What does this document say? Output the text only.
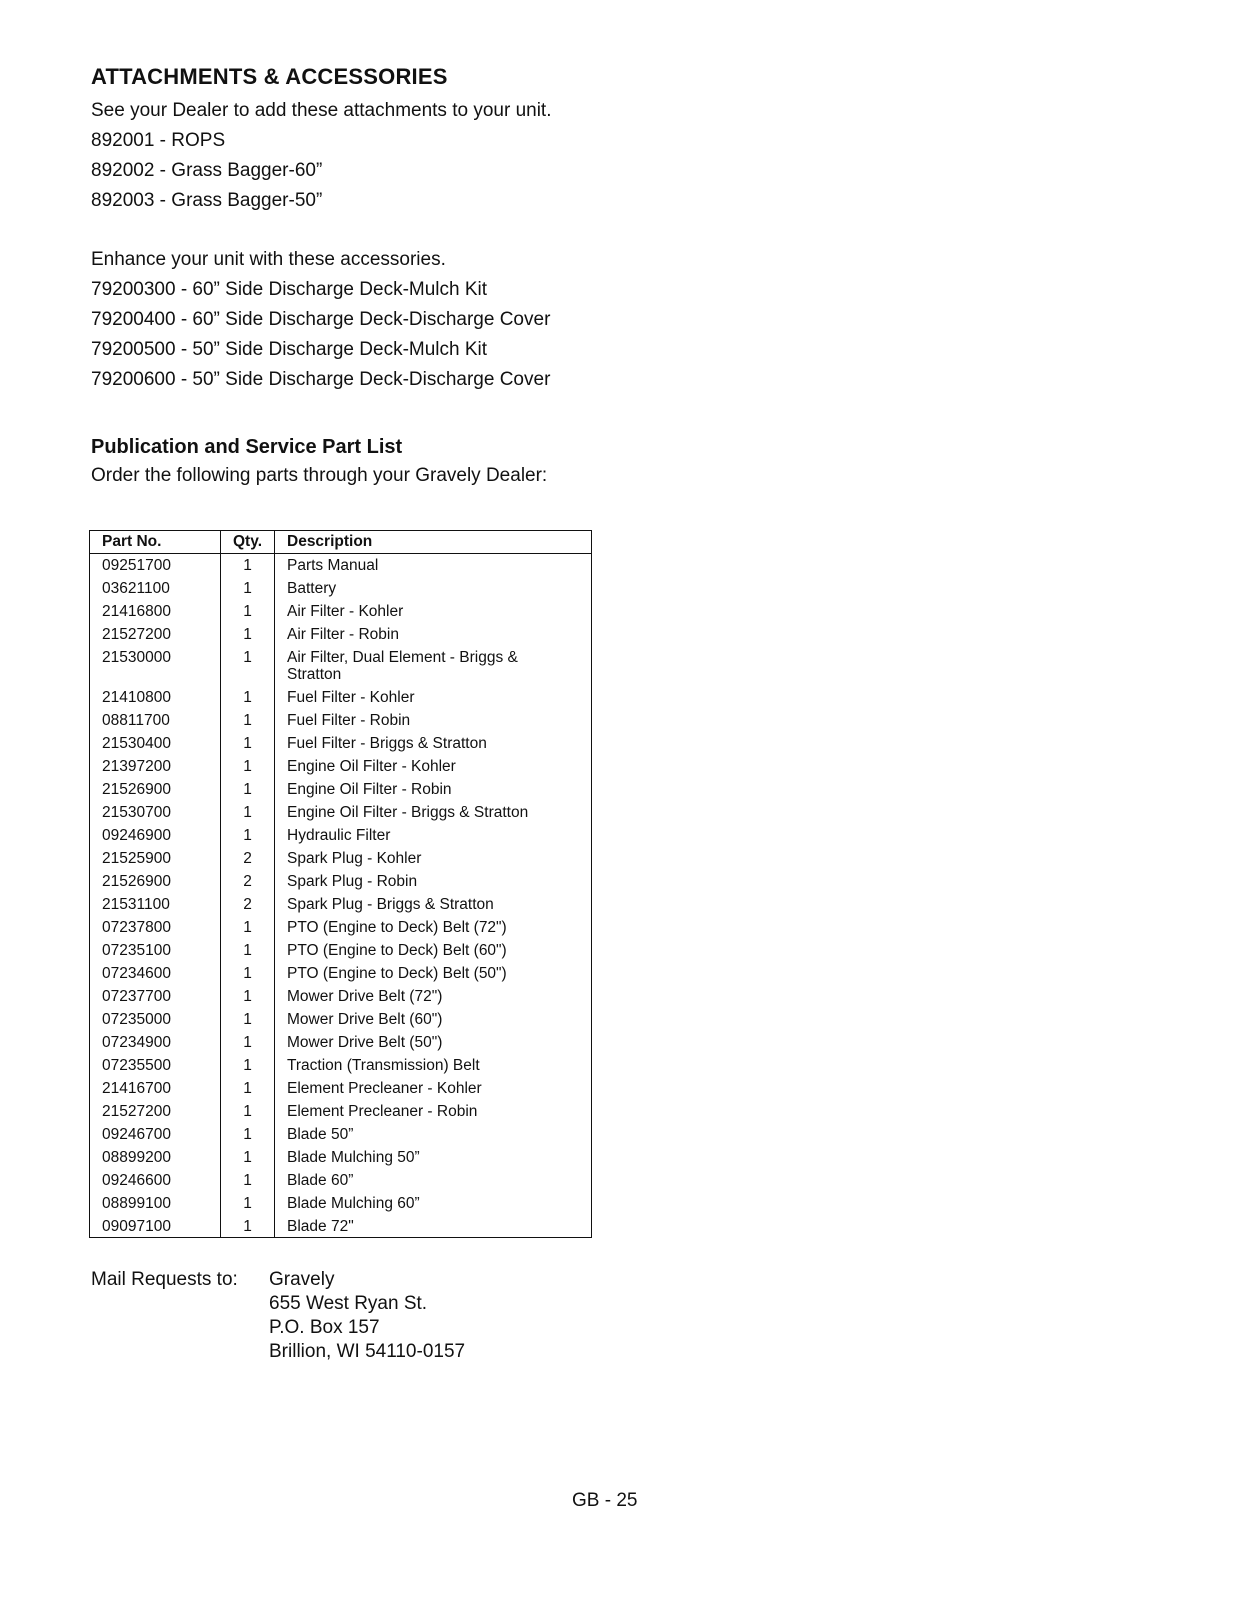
ATTACHMENTS & ACCESSORIES

See your Dealer to add these attachments to your unit.

892001 - ROPS

892002 - Grass Bagger-60”

892003 - Grass Bagger-50”

Enhance your unit with these accessories.

79200300 - 60” Side Discharge Deck-Mulch Kit

79200400 - 60” Side Discharge Deck-Discharge Cover

79200500 - 50” Side Discharge Deck-Mulch Kit

79200600 - 50” Side Discharge Deck-Discharge Cover

Publication and Service Part List

Order the following parts through your Gravely Dealer:

Part No.	Qty.	Description
09251700	1	Parts Manual
03621100	1	Battery
21416800	1	Air Filter - Kohler
21527200	1	Air Filter - Robin
21530000	1	Air Filter, Dual Element - Briggs & Stratton
21410800	1	Fuel Filter - Kohler
08811700	1	Fuel Filter - Robin
21530400	1	Fuel Filter - Briggs & Stratton
21397200	1	Engine Oil Filter - Kohler
21526900	1	Engine Oil Filter - Robin
21530700	1	Engine Oil Filter - Briggs & Stratton
09246900	1	Hydraulic Filter
21525900	2	Spark Plug - Kohler
21526900	2	Spark Plug - Robin
21531100	2	Spark Plug - Briggs & Stratton
07237800	1	PTO (Engine to Deck) Belt (72")
07235100	1	PTO (Engine to Deck) Belt (60")
07234600	1	PTO (Engine to Deck) Belt (50")
07237700	1	Mower Drive Belt (72")
07235000	1	Mower Drive Belt (60")
07234900	1	Mower Drive Belt (50")
07235500	1	Traction (Transmission) Belt
21416700	1	Element Precleaner - Kohler
21527200	1	Element Precleaner - Robin
09246700	1	Blade 50”
08899200	1	Blade Mulching 50”
09246600	1	Blade 60”
08899100	1	Blade Mulching 60”
09097100	1	Blade 72"
Mail Requests to: Gravely
655 West Ryan St.
P.O. Box 157
Brillion, WI 54110-0157
GB - 25
